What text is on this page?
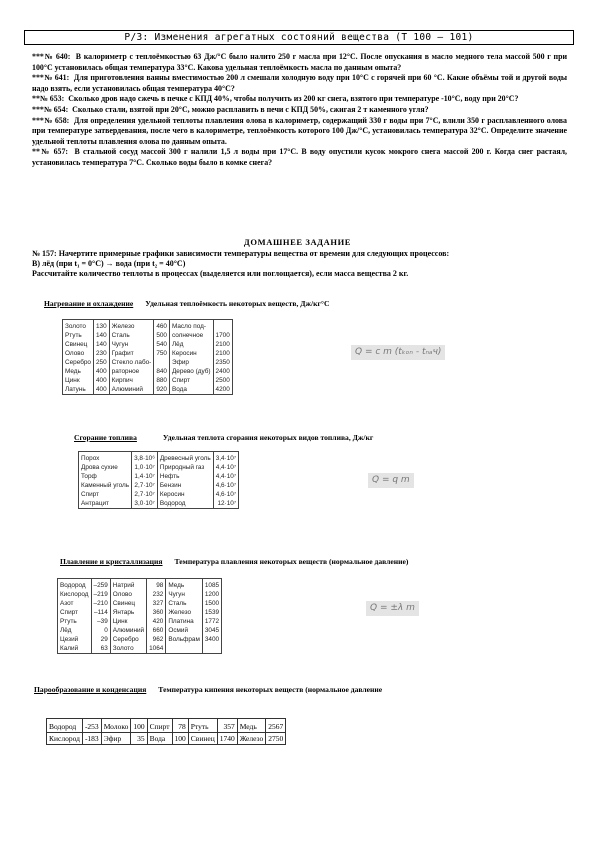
Р/З: Изменения агрегатных состояний вещества (Т 100 – 101)

***№ 640: В калориметр с теплоёмкостью 63 Дж/°С было налито 250 г масла при 12°С. После опускания в масло медного тела массой 500 г при 100°С установилась общая температура 33°С. Какова удельная теплоёмкость масла по данным опыта?

***№ 641: Для приготовления ванны вместимостью 200 л смешали холодную воду при 10°С с горячей при 60 °С. Какие объёмы той и другой воды надо взять, если установилась общая температура 40°С?

**№ 653: Сколько дров надо сжечь в печке с КПД 40%, чтобы получить из 200 кг снега, взятого при температуре -10°С, воду при 20°С?

***№ 654: Сколько стали, взятой при 20°С, можно расплавить в печи с КПД 50%, сжигая 2 т каменного угля?

***№ 658: Для определения удельной теплоты плавления олова в калориметр, содержащий 330 г воды при 7°С, влили 350 г расплавленного олова при температуре затвердевания, после чего в калориметре, теплоёмкость которого 100 Дж/°С, установилась температура 32°С. Определите значение удельной теплоты плавления олова по данным опыта.

**№ 657: В стальной сосуд массой 300 г налили 1,5 л воды при 17°С. В воду опустили кусок мокрого снега массой 200 г. Когда снег растаял, установилась температура 7°С. Сколько воды было в комке снега?

ДОМАШНЕЕ ЗАДАНИЕ

№ 157: Начертите примерные графики зависимости температуры вещества от времени для следующих процессов:

В) лёд (при t₁ = 0°С) → вода (при t₂ = 40°С)

Рассчитайте количество теплоты в процессах (выделяется или поглощается), если масса вещества 2 кг.

Нагревание и охлаждение Удельная теплоёмкость некоторых веществ, Дж/кг°С
Золото	130	Железо	460	Масло под-	
Ртуть	140	Сталь	500	солнечное	1700
Свинец	140	Чугун	540	Лёд	2100
Олово	230	Графит	750	Керосин	2100
Серебро	250	Стекло лабо-		Эфир	2350
Медь	400	раторное	840	Дерево (дуб)	2400
Цинк	400	Кирпич	880	Спирт	2500
Латунь	400	Алюминий	920	Вода	4200
Q = c m (tₖₒₙ - tₙₐч)
Сгорание топлива	Удельная теплота сгорания некоторых видов топлива, Дж/кг
Порох	3,8·10⁶	Древесный уголь	3,4·10⁷
Дрова сухие	1,0·10⁷	Природный газ	4,4·10⁷
Торф	1,4·10⁷	Нефть	4,4·10⁷
Каменный уголь	2,7·10⁷	Бензин	4,6·10⁷
Спирт	2,7·10⁷	Керосин	4,6·10⁷
Антрацит	3,0·10⁷	Водород	12·10⁷
Q = q m
Плавление и кристаллизация Температура плавления некоторых веществ (нормальное давление)
Водород	–259	Натрий	98	Медь	1085
Кислород	–219	Олово	232	Чугун	1200
Азот	–210	Свинец	327	Сталь	1500
Спирт	–114	Янтарь	360	Железо	1539
Ртуть	–39	Цинк	420	Платина	1772
Лёд	0	Алюминий	660	Осмий	3045
Цезий	29	Серебро	962	Вольфрам	3400
Калий	63	Золото	1064		
Q = ±λ m
Парообразование и конденсация Температура кипения некоторых веществ (нормальное давление
Водород	-253	Молоко	100	Спирт	78	Ртуть	357	Медь	2567
Кислород	-183	Эфир	35	Вода	100	Свинец	1740	Железо	2750
